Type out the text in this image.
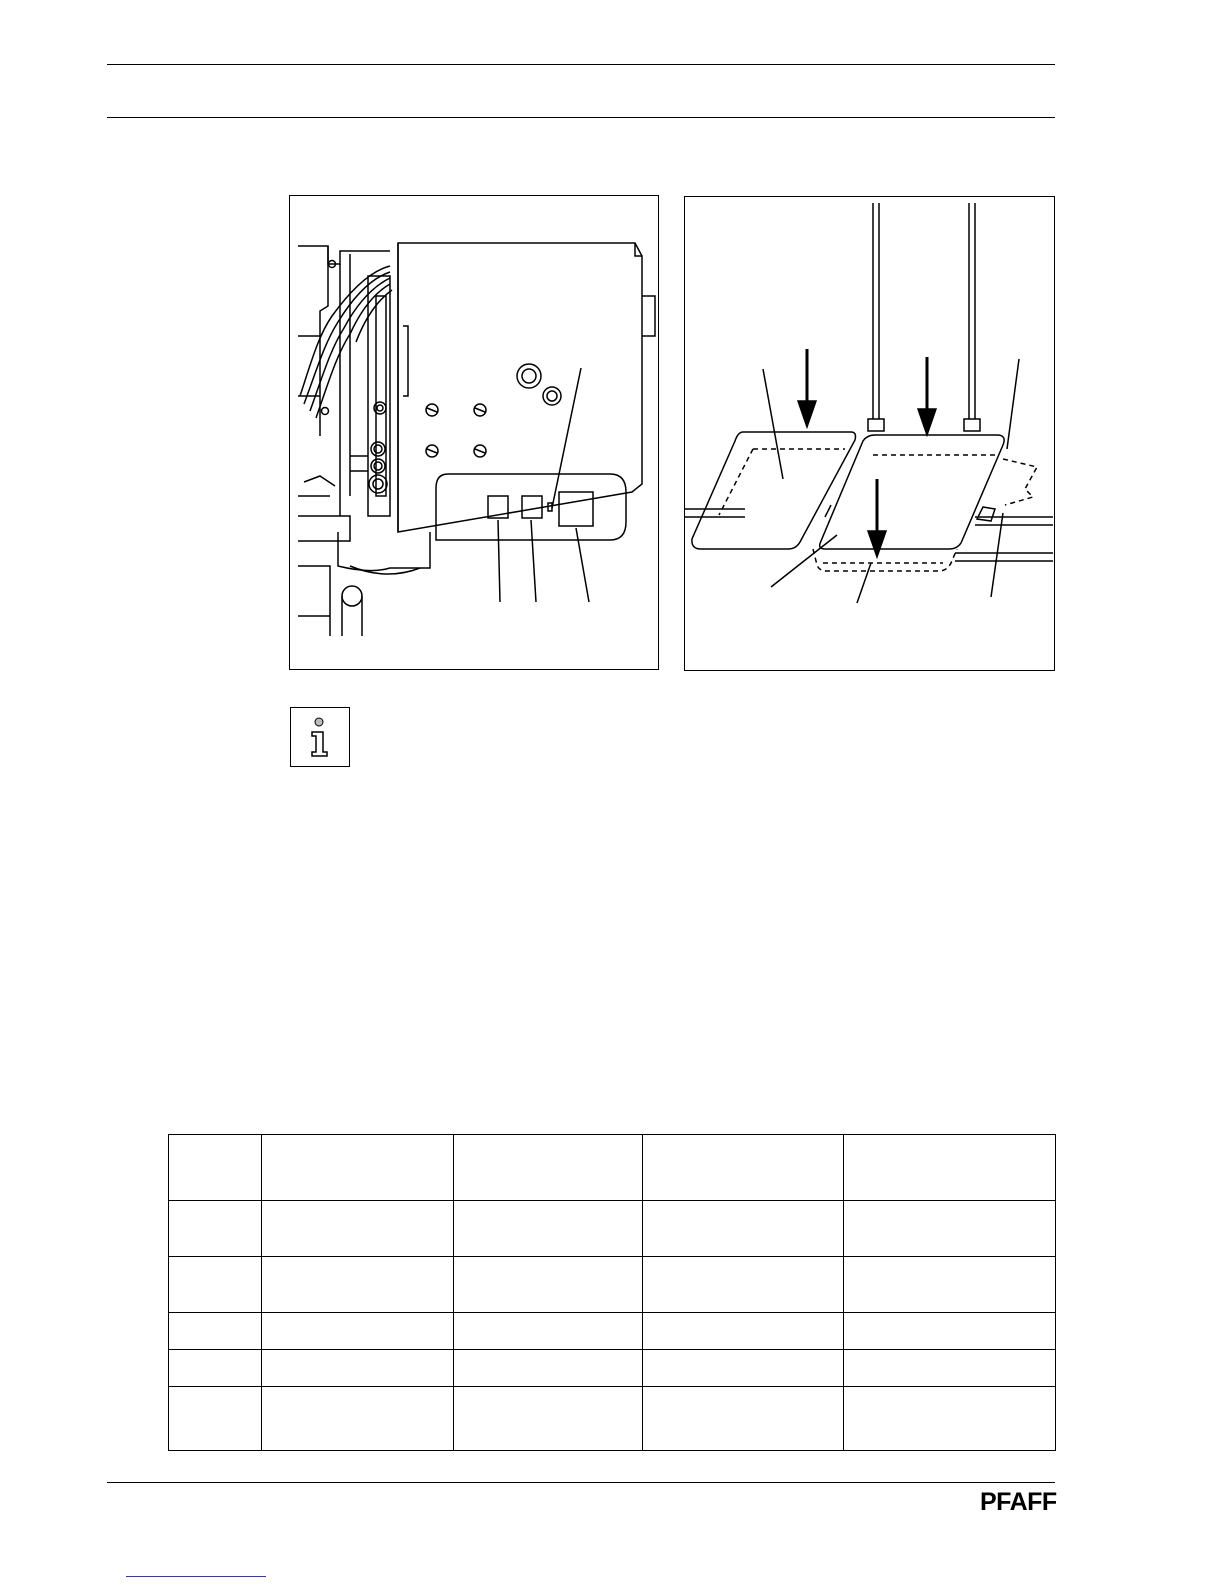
PFAFF
